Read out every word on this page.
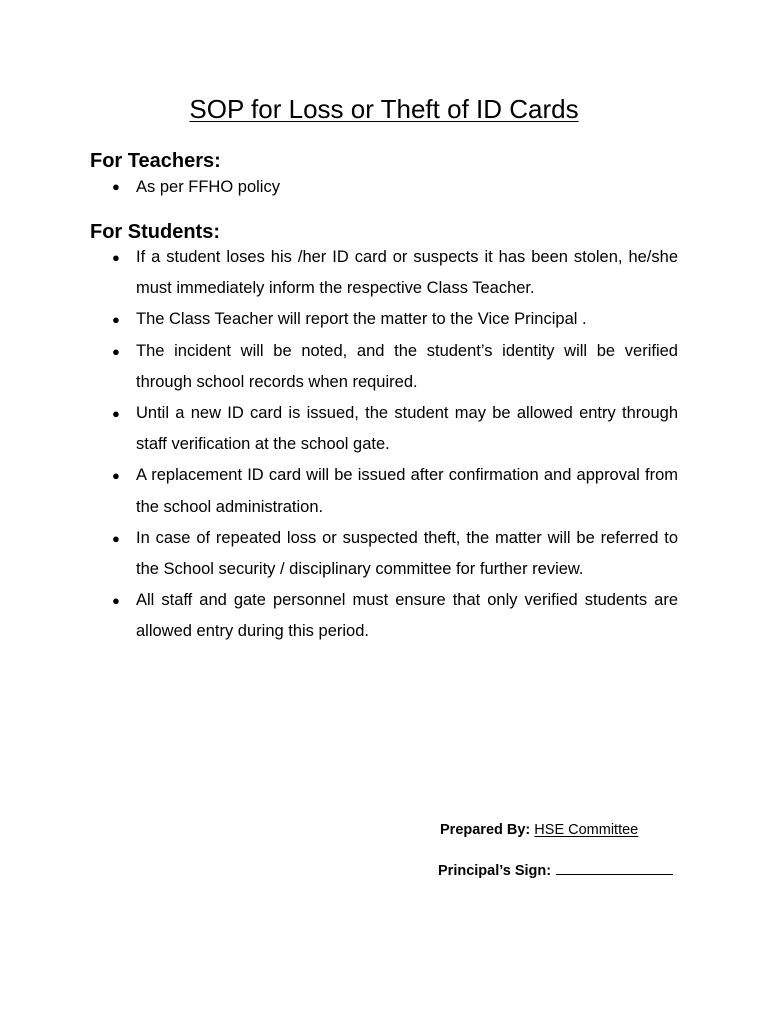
SOP for Loss or Theft of ID Cards
For Teachers:
● As per FFHO policy
For Students:
● If a student loses his /her ID card or suspects it has been stolen, he/she must immediately inform the respective Class Teacher.
● The Class Teacher will report the matter to the Vice Principal .
● The incident will be noted, and the student’s identity will be verified through school records when required.
● Until a new ID card is issued, the student may be allowed entry through staff verification at the school gate.
● A replacement ID card will be issued after confirmation and approval from the school administration.
● In case of repeated loss or suspected theft, the matter will be referred to the School security / disciplinary committee for further review.
● All staff and gate personnel must ensure that only verified students are allowed entry during this period.
Prepared By: HSE Committee
Principal’s Sign:
